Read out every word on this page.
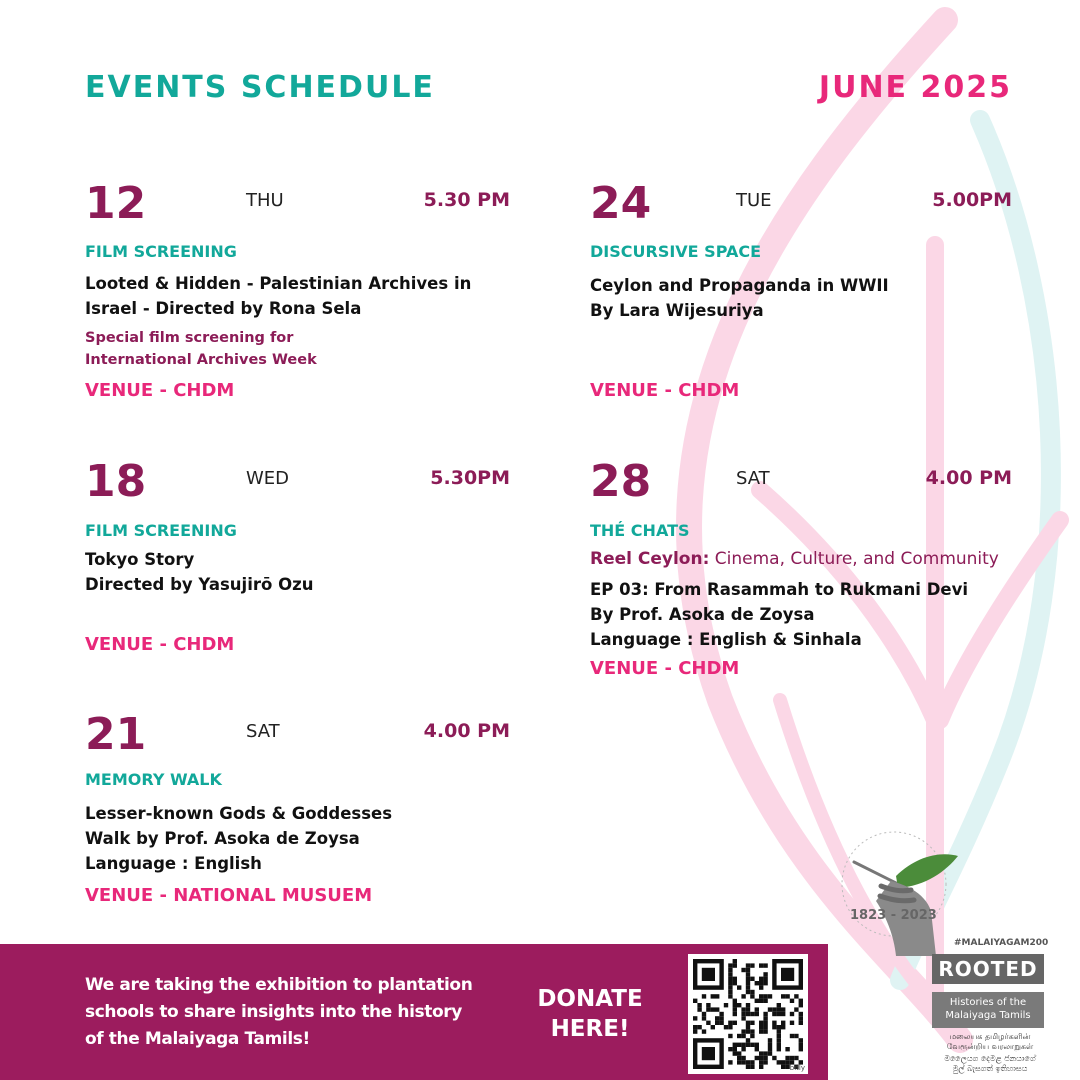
EVENTS SCHEDULE	JUNE 2025
12	THU	5.30 PM
FILM SCREENING
Looted & Hidden - Palestinian Archives in
Israel - Directed by Rona Sela
Special film screening for
International Archives Week
VENUE - CHDM
24	TUE	5.00PM
DISCURSIVE SPACE
Ceylon and Propaganda in WWII
By Lara Wijesuriya
VENUE - CHDM
18	WED	5.30PM
FILM SCREENING
Tokyo Story
Directed by Yasujirō Ozu
VENUE - CHDM
28	SAT	4.00 PM
THÉ CHATS
Reel Ceylon: Cinema, Culture, and Community
EP 03: From Rasammah to Rukmani Devi
By Prof. Asoka de Zoysa
Language : English & Sinhala
VENUE - CHDM
21	SAT	4.00 PM
MEMORY WALK
Lesser-known Gods & Goddesses
Walk by Prof. Asoka de Zoysa
Language : English
VENUE - NATIONAL MUSUEM
We are taking the exhibition to plantation
schools to share insights into the history
of the Malaiyaga Tamils!
DONATE
HERE!
bitly
1823 - 2023
#MALAIYAGAM200
ROOTED
Histories of the
Malaiyaga Tamils
மலையக தமிழர்களின்
வேரூன்றிய வரலாறுகள்
මලෛයග දෙමළ ජනයාගේ
මුල් බැසගත් ඉතිහාසය
